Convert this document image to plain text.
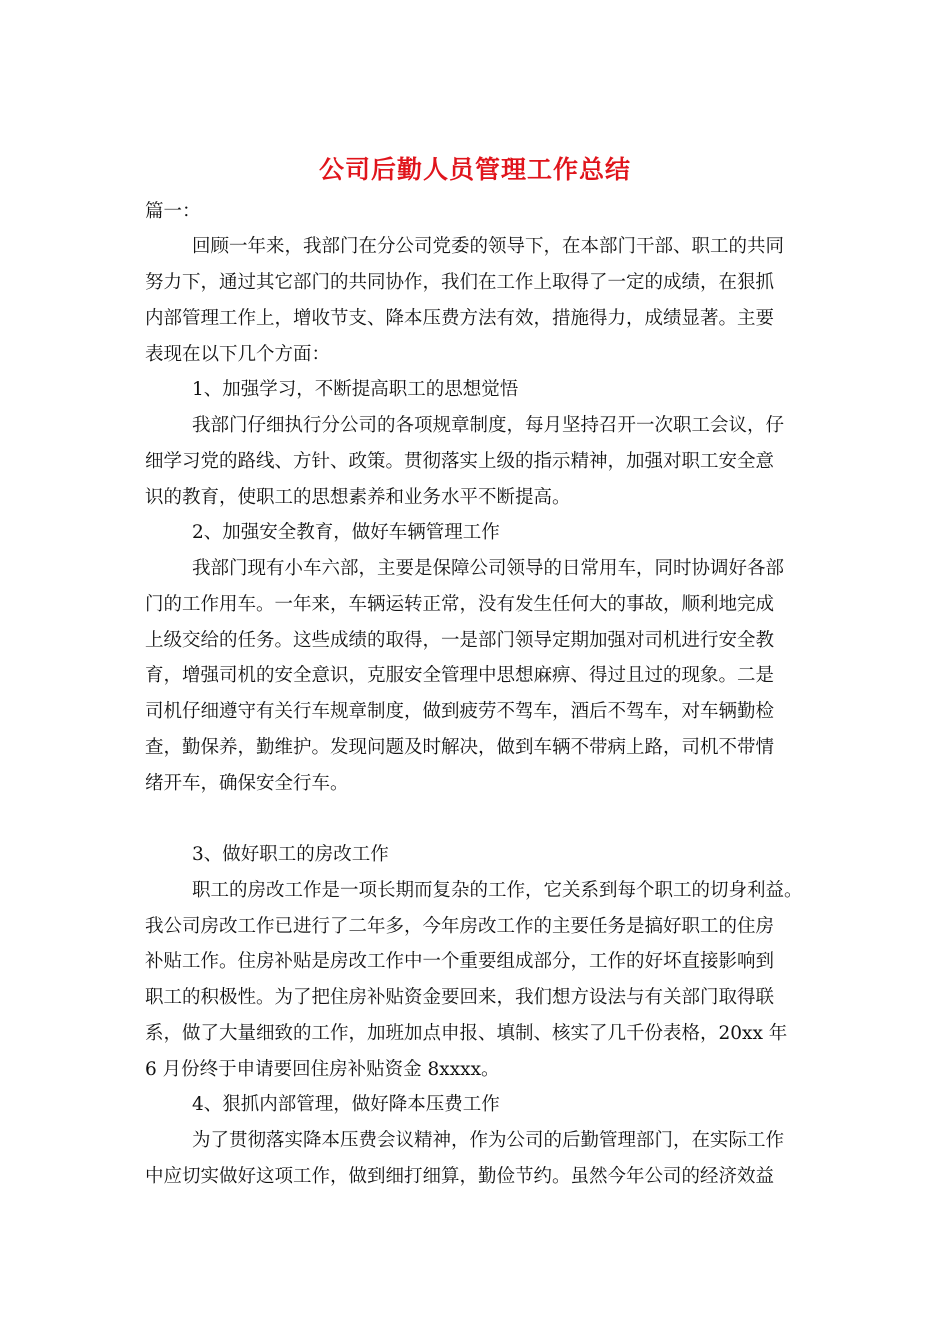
公司后勤人员管理工作总结
篇一：
回顾一年来，我部门在分公司党委的领导下，在本部门干部、职工的共同
努力下，通过其它部门的共同协作，我们在工作上取得了一定的成绩，在狠抓
内部管理工作上，增收节支、降本压费方法有效，措施得力，成绩显著。主要
表现在以下几个方面：
1、加强学习，不断提高职工的思想觉悟
我部门仔细执行分公司的各项规章制度，每月坚持召开一次职工会议，仔
细学习党的路线、方针、政策。贯彻落实上级的指示精神，加强对职工安全意
识的教育，使职工的思想素养和业务水平不断提高。
2、加强安全教育，做好车辆管理工作
我部门现有小车六部，主要是保障公司领导的日常用车，同时协调好各部
门的工作用车。一年来，车辆运转正常，没有发生任何大的事故，顺利地完成
上级交给的任务。这些成绩的取得，一是部门领导定期加强对司机进行安全教
育，增强司机的安全意识，克服安全管理中思想麻痹、得过且过的现象。二是
司机仔细遵守有关行车规章制度，做到疲劳不驾车，酒后不驾车，对车辆勤检
查，勤保养，勤维护。发现问题及时解决，做到车辆不带病上路，司机不带情
绪开车，确保安全行车。
3、做好职工的房改工作
职工的房改工作是一项长期而复杂的工作，它关系到每个职工的切身利益。
我公司房改工作已进行了二年多，今年房改工作的主要任务是搞好职工的住房
补贴工作。住房补贴是房改工作中一个重要组成部分，工作的好坏直接影响到
职工的积极性。为了把住房补贴资金要回来，我们想方设法与有关部门取得联
系，做了大量细致的工作，加班加点申报、填制、核实了几千份表格，20xx 年
6 月份终于申请要回住房补贴资金 8xxxx。
4、狠抓内部管理，做好降本压费工作
为了贯彻落实降本压费会议精神，作为公司的后勤管理部门，在实际工作
中应切实做好这项工作，做到细打细算，勤俭节约。虽然今年公司的经济效益
